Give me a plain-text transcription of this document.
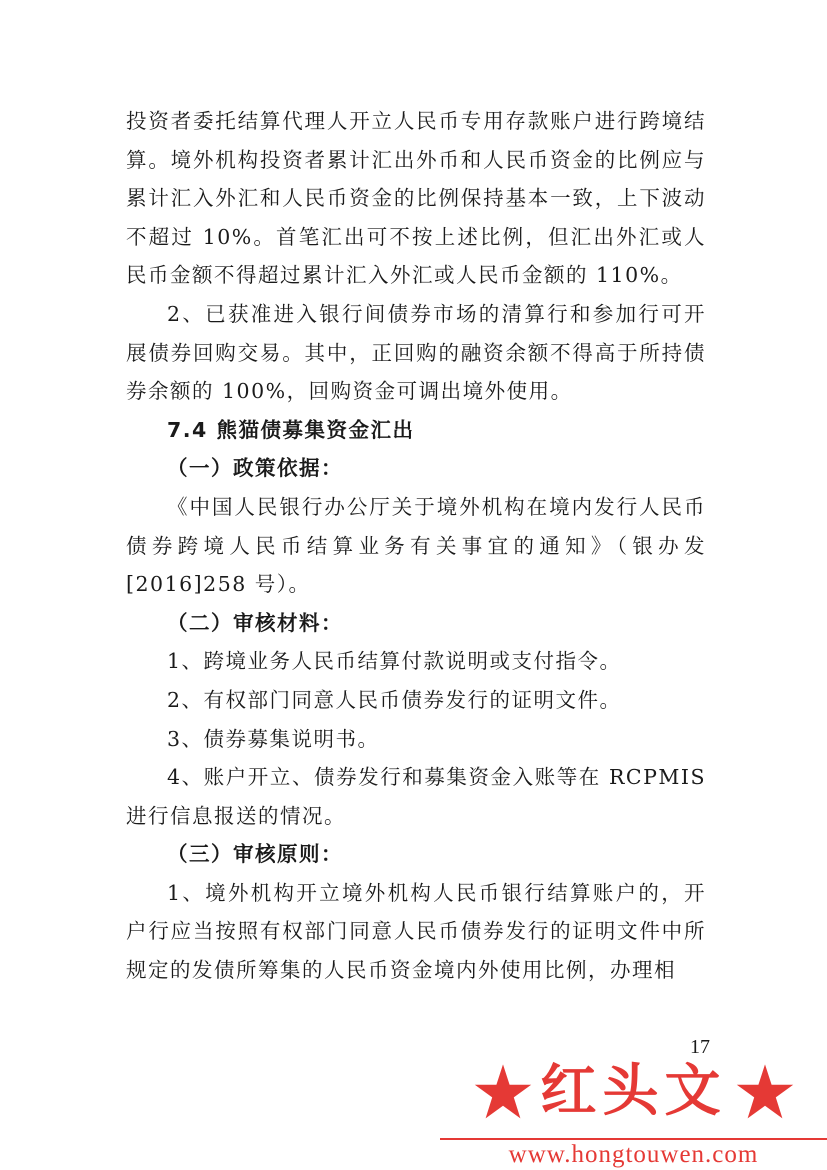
投资者委托结算代理人开立人民币专用存款账户进行跨境结算。境外机构投资者累计汇出外币和人民币资金的比例应与累计汇入外汇和人民币资金的比例保持基本一致，上下波动不超过 10%。首笔汇出可不按上述比例，但汇出外汇或人民币金额不得超过累计汇入外汇或人民币金额的 110%。

2、已获准进入银行间债券市场的清算行和参加行可开展债券回购交易。其中，正回购的融资余额不得高于所持债券余额的 100%，回购资金可调出境外使用。

7.4 熊猫债募集资金汇出

（一）政策依据：

《中国人民银行办公厅关于境外机构在境内发行人民币债券跨境人民币结算业务有关事宜的通知》（银办发[2016]258 号）。

（二）审核材料：

1、跨境业务人民币结算付款说明或支付指令。

2、有权部门同意人民币债券发行的证明文件。

3、债券募集说明书。

4、账户开立、债券发行和募集资金入账等在 RCPMIS 进行信息报送的情况。

（三）审核原则：

1、境外机构开立境外机构人民币银行结算账户的，开户行应当按照有权部门同意人民币债券发行的证明文件中所规定的发债所筹集的人民币资金境内外使用比例，办理相

17
红头文
www.hongtouwen.com
